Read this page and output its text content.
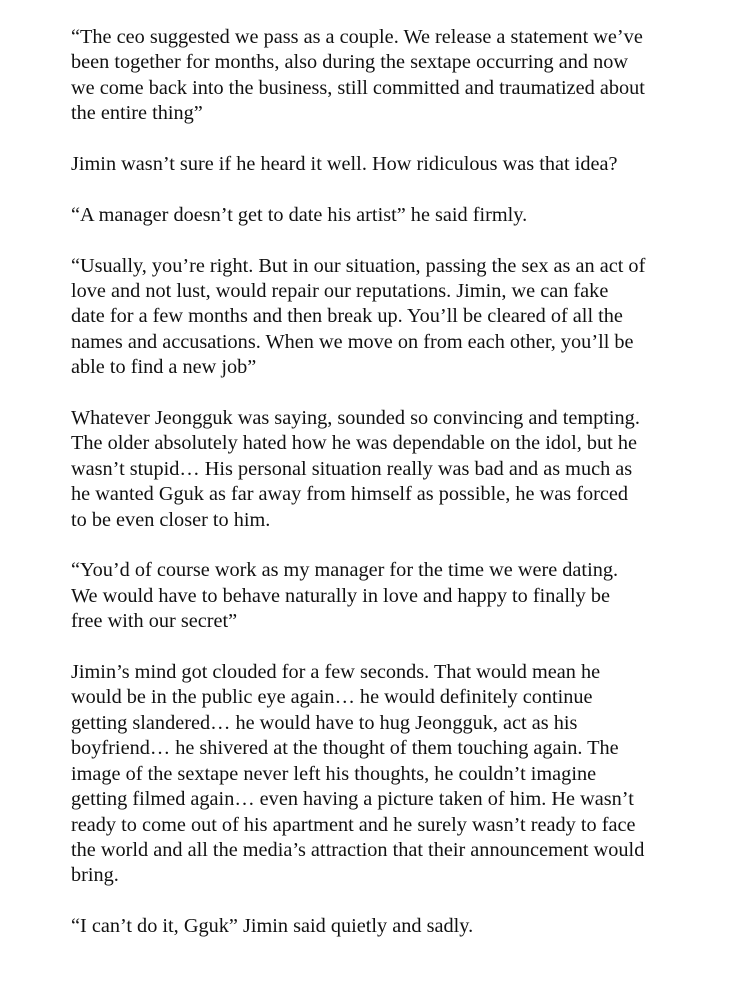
“The ceo suggested we pass as a couple. We release a statement we’ve
been together for months, also during the sextape occurring and now
we come back into the business, still committed and traumatized about
the entire thing”

Jimin wasn’t sure if he heard it well. How ridiculous was that idea?

“A manager doesn’t get to date his artist” he said firmly.

“Usually, you’re right. But in our situation, passing the sex as an act of
love and not lust, would repair our reputations. Jimin, we can fake
date for a few months and then break up. You’ll be cleared of all the
names and accusations. When we move on from each other, you’ll be
able to find a new job”

Whatever Jeongguk was saying, sounded so convincing and tempting.
The older absolutely hated how he was dependable on the idol, but he
wasn’t stupid… His personal situation really was bad and as much as
he wanted Gguk as far away from himself as possible, he was forced
to be even closer to him.

“You’d of course work as my manager for the time we were dating.
We would have to behave naturally in love and happy to finally be
free with our secret”

Jimin’s mind got clouded for a few seconds. That would mean he
would be in the public eye again… he would definitely continue
getting slandered… he would have to hug Jeongguk, act as his
boyfriend… he shivered at the thought of them touching again. The
image of the sextape never left his thoughts, he couldn’t imagine
getting filmed again… even having a picture taken of him. He wasn’t
ready to come out of his apartment and he surely wasn’t ready to face
the world and all the media’s attraction that their announcement would
bring.

“I can’t do it, Gguk” Jimin said quietly and sadly.
